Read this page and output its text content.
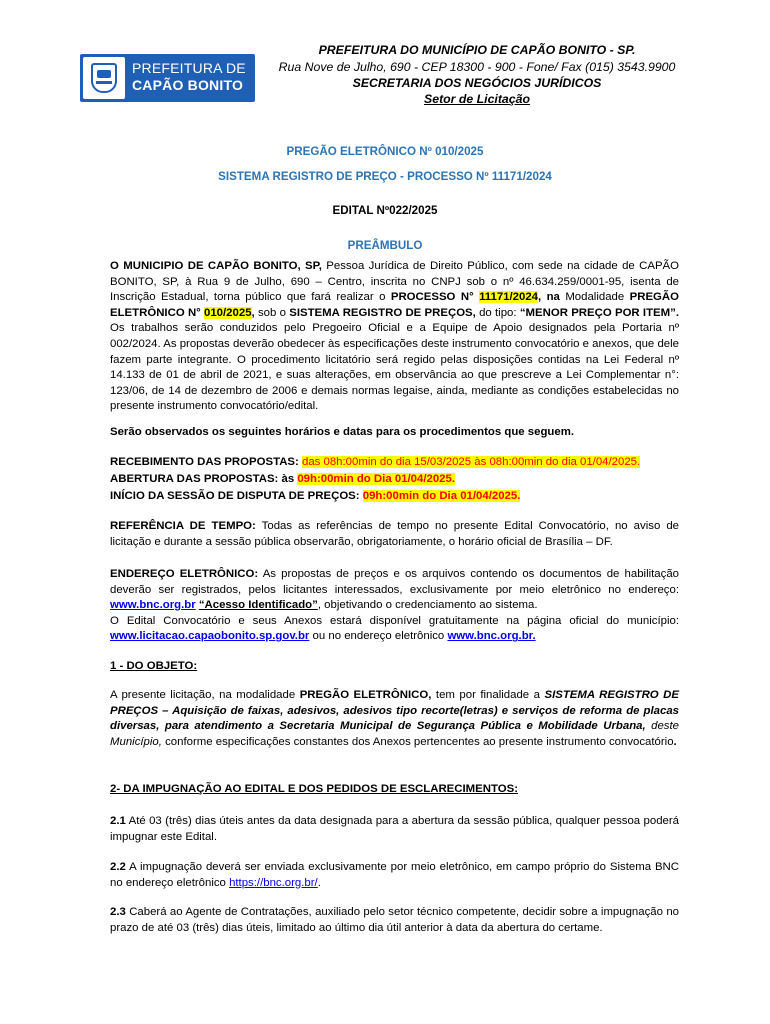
PREFEITURA DE
CAPÃO BONITO
PREFEITURA DO MUNICÍPIO DE CAPÃO BONITO - SP.
Rua Nove de Julho, 690 - CEP 18300 - 900 - Fone/ Fax (015) 3543.9900
SECRETARIA DOS NEGÓCIOS JURÍDICOS
Setor de Licitação
PREGÃO ELETRÔNICO Nº 010/2025
SISTEMA REGISTRO DE PREÇO - PROCESSO Nº 11171/2024
EDITAL Nº022/2025
PREÂMBULO
O MUNICIPIO DE CAPÃO BONITO, SP, Pessoa Jurídica de Direito Público, com sede na cidade de CAPÃO BONITO, SP, à Rua 9 de Julho, 690 – Centro, inscrita no CNPJ sob o nº 46.634.259/0001-95, isenta de Inscrição Estadual, torna público que fará realizar o PROCESSO N° 11171/2024, na Modalidade PREGÃO ELETRÔNICO N° 010/2025, sob o SISTEMA REGISTRO DE PREÇOS, do tipo: “MENOR PREÇO POR ITEM”. Os trabalhos serão conduzidos pelo Pregoeiro Oficial e a Equipe de Apoio designados pela Portaria nº 002/2024. As propostas deverão obedecer às especificações deste instrumento convocatório e anexos, que dele fazem parte integrante. O procedimento licitatório será regido pelas disposições contidas na Lei Federal nº 14.133 de 01 de abril de 2021, e suas alterações, em observância ao que prescreve a Lei Complementar n°: 123/06, de 14 de dezembro de 2006 e demais normas legaise, ainda, mediante as condições estabelecidas no presente instrumento convocatório/edital.
Serão observados os seguintes horários e datas para os procedimentos que seguem.
RECEBIMENTO DAS PROPOSTAS: das 08h:00min do dia 15/03/2025 às 08h:00min do dia 01/04/2025.
ABERTURA DAS PROPOSTAS: às 09h:00min do Dia 01/04/2025.
INÍCIO DA SESSÃO DE DISPUTA DE PREÇOS: 09h:00min do Dia 01/04/2025.
REFERÊNCIA DE TEMPO: Todas as referências de tempo no presente Edital Convocatório, no aviso de licitação e durante a sessão pública observarão, obrigatoriamente, o horário oficial de Brasília – DF.
ENDEREÇO ELETRÔNICO: As propostas de preços e os arquivos contendo os documentos de habilitação deverão ser registrados, pelos licitantes interessados, exclusivamente por meio eletrônico no endereço: www.bnc.org.br “Acesso Identificado”, objetivando o credenciamento ao sistema.
O Edital Convocatório e seus Anexos estará disponível gratuitamente na página oficial do município: www.licitacao.capaobonito.sp.gov.br ou no endereço eletrônico www.bnc.org.br.
1 - DO OBJETO:
A presente licitação, na modalidade PREGÃO ELETRÔNICO, tem por finalidade a SISTEMA REGISTRO DE PREÇOS – Aquisição de faixas, adesivos, adesivos tipo recorte(letras) e serviços de reforma de placas diversas, para atendimento a Secretaria Municipal de Segurança Pública e Mobilidade Urbana, deste Município, conforme especificações constantes dos Anexos pertencentes ao presente instrumento convocatório.
2- DA IMPUGNAÇÃO AO EDITAL E DOS PEDIDOS DE ESCLARECIMENTOS:
2.1 Até 03 (três) dias úteis antes da data designada para a abertura da sessão pública, qualquer pessoa poderá impugnar este Edital.
2.2 A impugnação deverá ser enviada exclusivamente por meio eletrônico, em campo próprio do Sistema BNC no endereço eletrônico https://bnc.org.br/.
2.3 Caberá ao Agente de Contratações, auxiliado pelo setor técnico competente, decidir sobre a impugnação no prazo de até 03 (três) dias úteis, limitado ao último dia útil anterior à data da abertura do certame.
